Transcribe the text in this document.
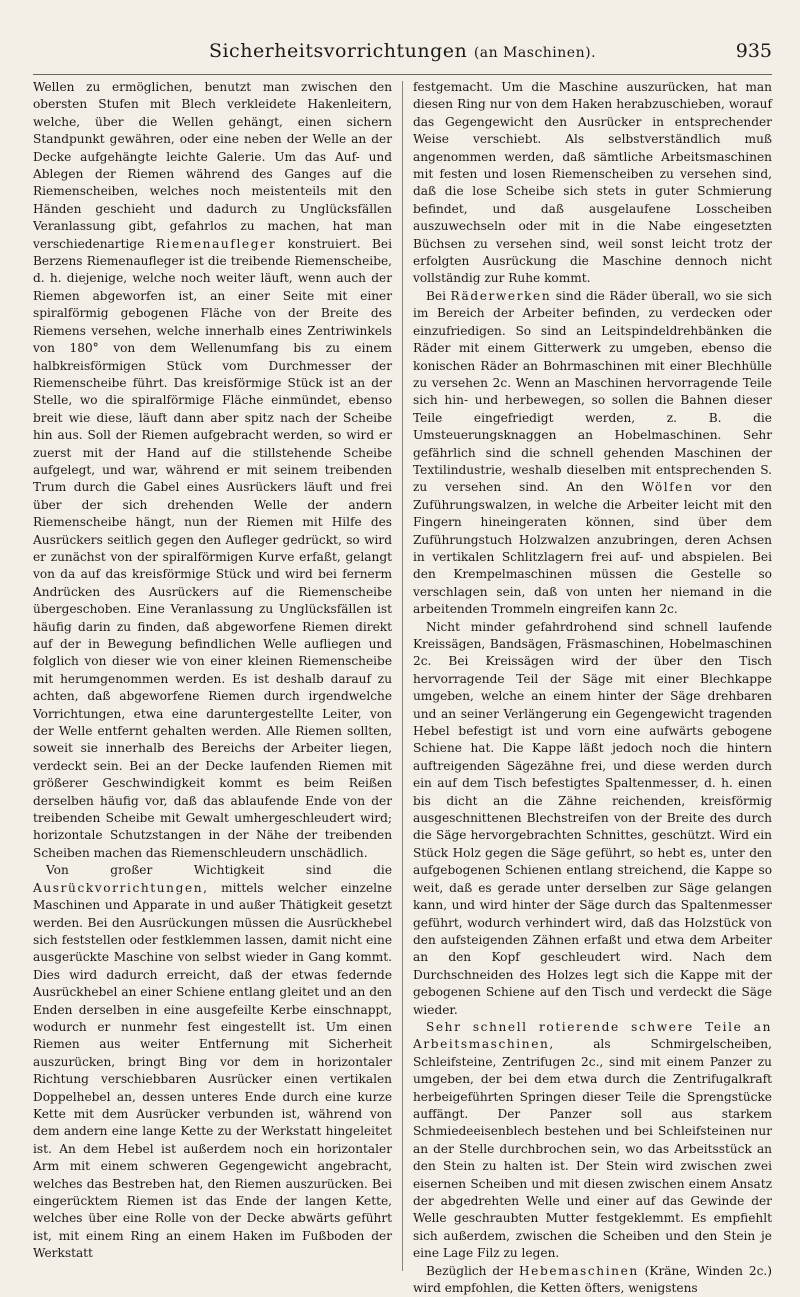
Sicherheitsvorrichtungen (an Maschinen).	935

Wellen zu ermöglichen, benutzt man zwischen den obersten Stufen mit Blech verkleidete Hakenleitern, welche, über die Wellen gehängt, einen sichern Standpunkt gewähren, oder eine neben der Welle an der Decke aufgehängte leichte Galerie. Um das Auf- und Ablegen der Riemen während des Ganges auf die Riemenscheiben, welches noch meistenteils mit den Händen geschieht und dadurch zu Unglücksfällen Veranlassung gibt, gefahrlos zu machen, hat man verschiedenartige Riemenaufleger konstruiert. Bei Berzens Riemenaufleger ist die treibende Riemenscheibe, d. h. diejenige, welche noch weiter läuft, wenn auch der Riemen abgeworfen ist, an einer Seite mit einer spiralförmig gebogenen Fläche von der Breite des Riemens versehen, welche innerhalb eines Zentriwinkels von 180° von dem Wellenumfang bis zu einem halbkreisförmigen Stück vom Durchmesser der Riemenscheibe führt. Das kreisförmige Stück ist an der Stelle, wo die spiralförmige Fläche einmündet, ebenso breit wie diese, läuft dann aber spitz nach der Scheibe hin aus. Soll der Riemen aufgebracht werden, so wird er zuerst mit der Hand auf die stillstehende Scheibe aufgelegt, und war, während er mit seinem treibenden Trum durch die Gabel eines Ausrückers läuft und frei über der sich drehenden Welle der andern Riemenscheibe hängt, nun der Riemen mit Hilfe des Ausrückers seitlich gegen den Aufleger gedrückt, so wird er zunächst von der spiralförmigen Kurve erfaßt, gelangt von da auf das kreisförmige Stück und wird bei fernerm Andrücken des Ausrückers auf die Riemenscheibe übergeschoben. Eine Veranlassung zu Unglücksfällen ist häufig darin zu finden, daß abgeworfene Riemen direkt auf der in Bewegung befindlichen Welle aufliegen und folglich von dieser wie von einer kleinen Riemenscheibe mit herumgenommen werden. Es ist deshalb darauf zu achten, daß abgeworfene Riemen durch irgendwelche Vorrichtungen, etwa eine daruntergestellte Leiter, von der Welle entfernt gehalten werden. Alle Riemen sollten, soweit sie innerhalb des Bereichs der Arbeiter liegen, verdeckt sein. Bei an der Decke laufenden Riemen mit größerer Geschwindigkeit kommt es beim Reißen derselben häufig vor, daß das ablaufende Ende von der treibenden Scheibe mit Gewalt umhergeschleudert wird; horizontale Schutzstangen in der Nähe der treibenden Scheiben machen das Riemenschleudern unschädlich.

Von großer Wichtigkeit sind die Ausrückvorrichtungen, mittels welcher einzelne Maschinen und Apparate in und außer Thätigkeit gesetzt werden. Bei den Ausrückungen müssen die Ausrückhebel sich feststellen oder festklemmen lassen, damit nicht eine ausgerückte Maschine von selbst wieder in Gang kommt. Dies wird dadurch erreicht, daß der etwas federnde Ausrückhebel an einer Schiene entlang gleitet und an den Enden derselben in eine ausgefeilte Kerbe einschnappt, wodurch er nunmehr fest eingestellt ist. Um einen Riemen aus weiter Entfernung mit Sicherheit auszurücken, bringt Bing vor dem in horizontaler Richtung verschiebbaren Ausrücker einen vertikalen Doppelhebel an, dessen unteres Ende durch eine kurze Kette mit dem Ausrücker verbunden ist, während von dem andern eine lange Kette zu der Werkstatt hingeleitet ist. An dem Hebel ist außerdem noch ein horizontaler Arm mit einem schweren Gegengewicht angebracht, welches das Bestreben hat, den Riemen auszurücken. Bei eingerücktem Riemen ist das Ende der langen Kette, welches über eine Rolle von der Decke abwärts geführt ist, mit einem Ring an einem Haken im Fußboden der Werkstatt

festgemacht. Um die Maschine auszurücken, hat man diesen Ring nur von dem Haken herabzuschieben, worauf das Gegengewicht den Ausrücker in entsprechender Weise verschiebt. Als selbstverständlich muß angenommen werden, daß sämtliche Arbeitsmaschinen mit festen und losen Riemenscheiben zu versehen sind, daß die lose Scheibe sich stets in guter Schmierung befindet, und daß ausgelaufene Losscheiben auszuwechseln oder mit in die Nabe eingesetzten Büchsen zu versehen sind, weil sonst leicht trotz der erfolgten Ausrückung die Maschine dennoch nicht vollständig zur Ruhe kommt.

Bei Räderwerken sind die Räder überall, wo sie sich im Bereich der Arbeiter befinden, zu verdecken oder einzufriedigen. So sind an Leitspindeldrehbänken die Räder mit einem Gitterwerk zu umgeben, ebenso die konischen Räder an Bohrmaschinen mit einer Blechhülle zu versehen 2c. Wenn an Maschinen hervorragende Teile sich hin- und herbewegen, so sollen die Bahnen dieser Teile eingefriedigt werden, z. B. die Umsteuerungsknaggen an Hobelmaschinen. Sehr gefährlich sind die schnell gehenden Maschinen der Textilindustrie, weshalb dieselben mit entsprechenden S. zu versehen sind. An den Wölfen vor den Zuführungswalzen, in welche die Arbeiter leicht mit den Fingern hineingeraten können, sind über dem Zuführungstuch Holzwalzen anzubringen, deren Achsen in vertikalen Schlitzlagern frei auf- und abspielen. Bei den Krempelmaschinen müssen die Gestelle so verschlagen sein, daß von unten her niemand in die arbeitenden Trommeln eingreifen kann 2c.

Nicht minder gefahrdrohend sind schnell laufende Kreissägen, Bandsägen, Fräsmaschinen, Hobelmaschinen 2c. Bei Kreissägen wird der über den Tisch hervorragende Teil der Säge mit einer Blechkappe umgeben, welche an einem hinter der Säge drehbaren und an seiner Verlängerung ein Gegengewicht tragenden Hebel befestigt ist und vorn eine aufwärts gebogene Schiene hat. Die Kappe läßt jedoch noch die hintern auftreigenden Sägezähne frei, und diese werden durch ein auf dem Tisch befestigtes Spaltenmesser, d. h. einen bis dicht an die Zähne reichenden, kreisförmig ausgeschnittenen Blechstreifen von der Breite des durch die Säge hervorgebrachten Schnittes, geschützt. Wird ein Stück Holz gegen die Säge geführt, so hebt es, unter den aufgebogenen Schienen entlang streichend, die Kappe so weit, daß es gerade unter derselben zur Säge gelangen kann, und wird hinter der Säge durch das Spaltenmesser geführt, wodurch verhindert wird, daß das Holzstück von den aufsteigenden Zähnen erfaßt und etwa dem Arbeiter an den Kopf geschleudert wird. Nach dem Durchschneiden des Holzes legt sich die Kappe mit der gebogenen Schiene auf den Tisch und verdeckt die Säge wieder.

Sehr schnell rotierende schwere Teile an Arbeitsmaschinen, als Schmirgelscheiben, Schleifsteine, Zentrifugen 2c., sind mit einem Panzer zu umgeben, der bei dem etwa durch die Zentrifugalkraft herbeigeführten Springen dieser Teile die Sprengstücke auffängt. Der Panzer soll aus starkem Schmiedeeisenblech bestehen und bei Schleifsteinen nur an der Stelle durchbrochen sein, wo das Arbeitsstück an den Stein zu halten ist. Der Stein wird zwischen zwei eisernen Scheiben und mit diesen zwischen einem Ansatz der abgedrehten Welle und einer auf das Gewinde der Welle geschraubten Mutter festgeklemmt. Es empfiehlt sich außerdem, zwischen die Scheiben und den Stein je eine Lage Filz zu legen.

Bezüglich der Hebemaschinen (Kräne, Winden 2c.) wird empfohlen, die Ketten öfters, wenigstens
